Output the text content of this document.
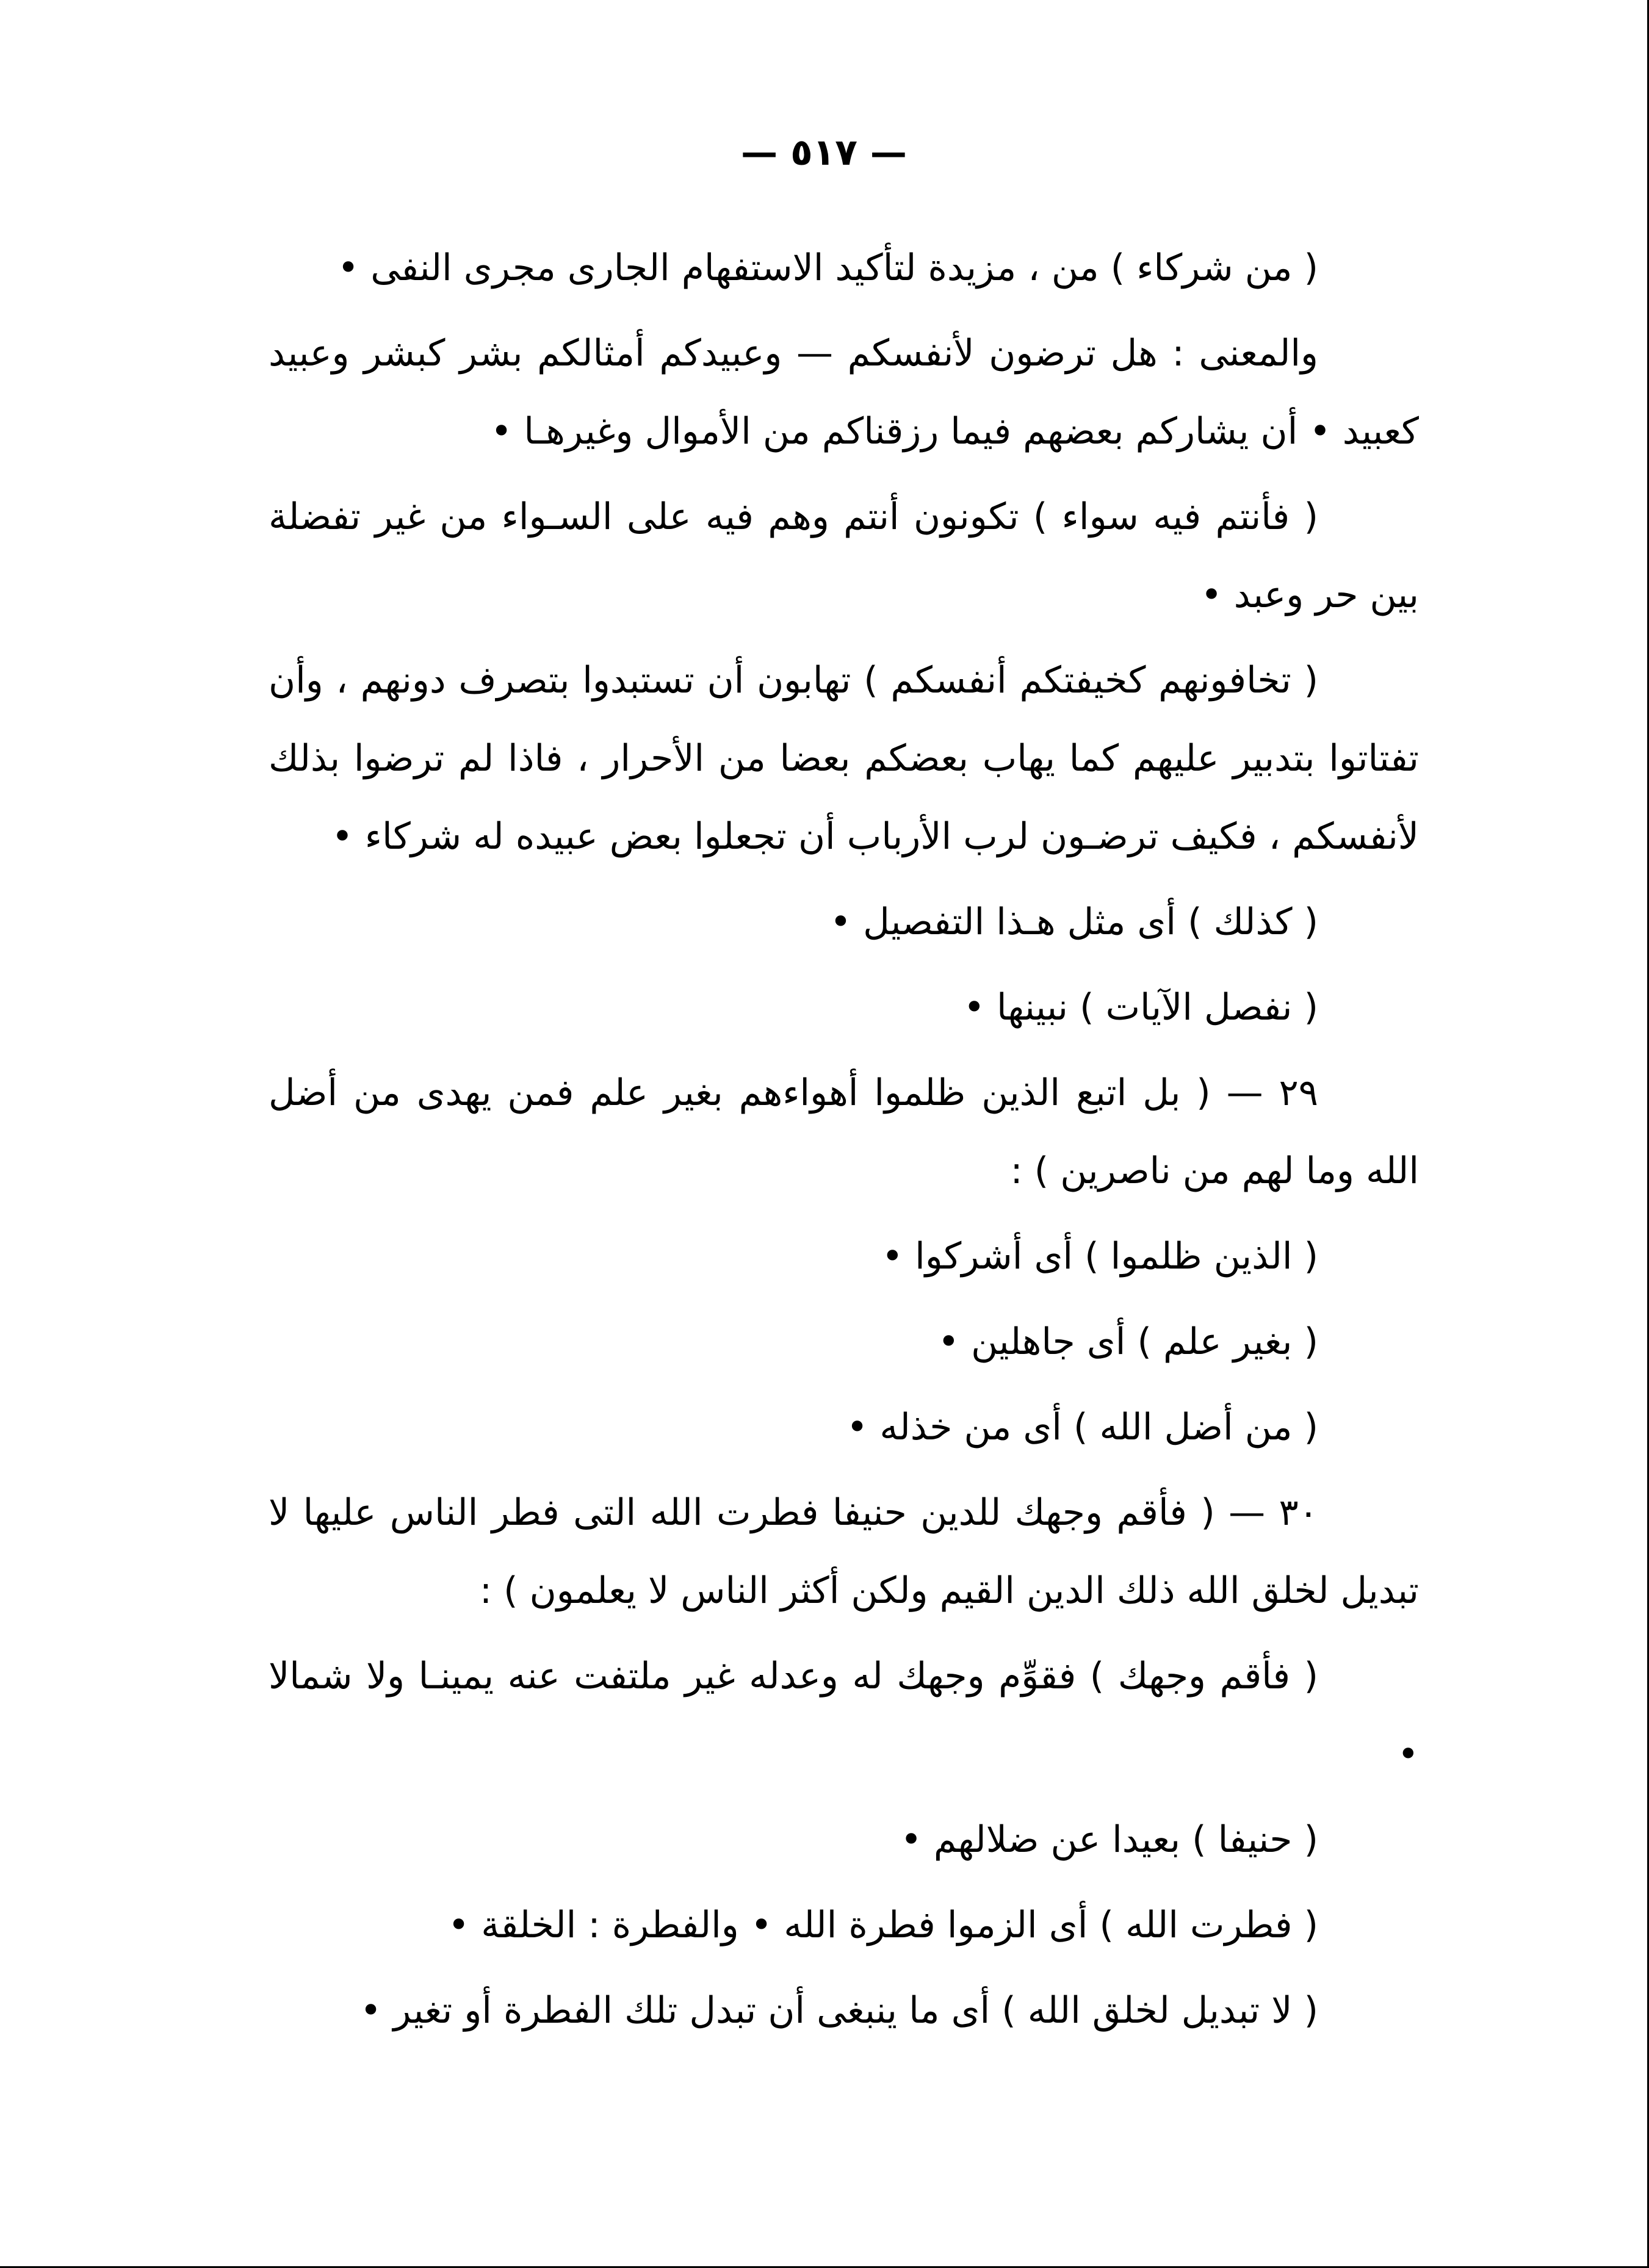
— ٥١٧ —

( من شركاء ) من ، مزيدة لتأكيد الاستفهام الجارى مجرى النفى •

والمعنى : هل ترضون لأنفسكم — وعبيدكم أمثالكم بشر كبشر وعبيد كعبيد • أن يشاركم بعضهم فيما رزقناكم من الأموال وغيرهـا •

( فأنتم فيه سواء ) تكونون أنتم وهم فيه على السـواء من غير تفضلة بين حر وعبد •

( تخافونهم كخيفتكم أنفسكم ) تهابون أن تستبدوا بتصرف دونهم ، وأن تفتاتوا بتدبير عليهم كما يهاب بعضكم بعضا من الأحرار ، فاذا لم ترضوا بذلك لأنفسكم ، فكيف ترضـون لرب الأرباب أن تجعلوا بعض عبيده له شركاء •

( كذلك ) أى مثل هـذا التفصيل •

( نفصل الآيات ) نبينها •

٢٩ — ( بل اتبع الذين ظلموا أهواءهم بغير علم فمن يهدى من أضل الله وما لهم من ناصرين ) :

( الذين ظلموا ) أى أشركوا •

( بغير علم ) أى جاهلين •

( من أضل الله ) أى من خذله •

٣٠ — ( فأقم وجهك للدين حنيفا فطرت الله التى فطر الناس عليها لا تبديل لخلق الله ذلك الدين القيم ولكن أكثر الناس لا يعلمون ) :

( فأقم وجهك ) فقوِّم وجهك له وعدله غير ملتفت عنه يمينـا ولا شمالا •

( حنيفا ) بعيدا عن ضلالهم •

( فطرت الله ) أى الزموا فطرة الله • والفطرة : الخلقة •

( لا تبديل لخلق الله ) أى ما ينبغى أن تبدل تلك الفطرة أو تغير •
